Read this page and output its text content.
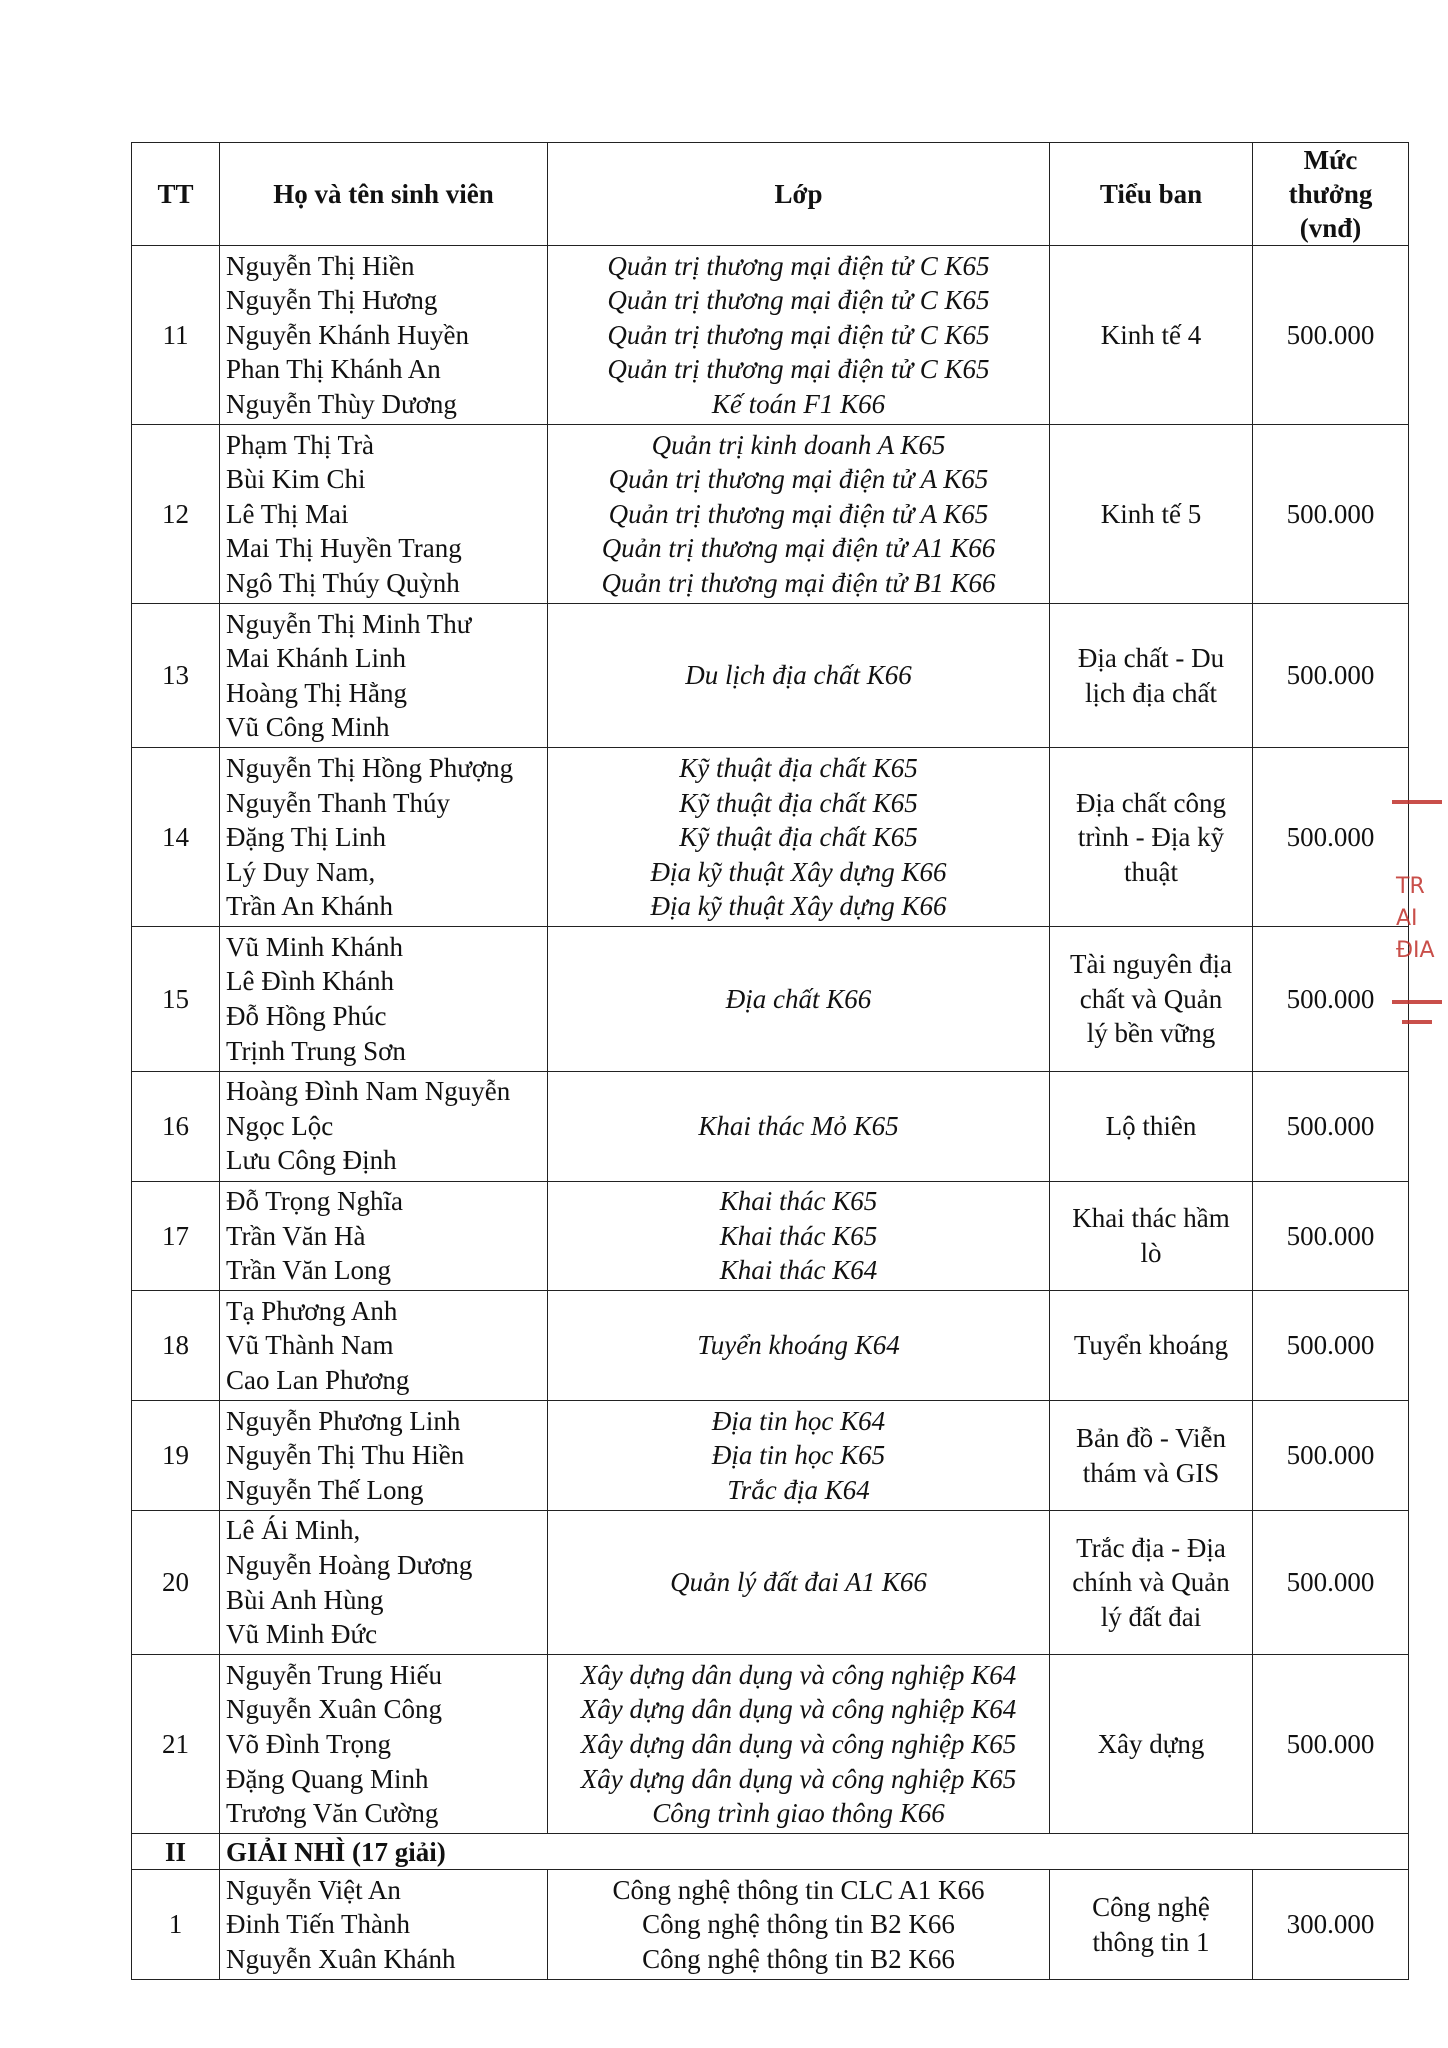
TT	Họ và tên sinh viên	Lớp	Tiểu ban	Mức
thưởng
(vnđ)

11	Nguyễn Thị Hiền
Nguyễn Thị Hương
Nguyễn Khánh Huyền
Phan Thị Khánh An
Nguyễn Thùy Dương	Quản trị thương mại điện tử C K65
Quản trị thương mại điện tử C K65
Quản trị thương mại điện tử C K65
Quản trị thương mại điện tử C K65
Kế toán F1 K66	Kinh tế 4	500.000
12	Phạm Thị Trà
Bùi Kim Chi
Lê Thị Mai
Mai Thị Huyền Trang
Ngô Thị Thúy Quỳnh	Quản trị kinh doanh A K65
Quản trị thương mại điện tử A K65
Quản trị thương mại điện tử A K65
Quản trị thương mại điện tử A1 K66
Quản trị thương mại điện tử B1 K66	Kinh tế 5	500.000
13	Nguyễn Thị Minh Thư
Mai Khánh Linh
Hoàng Thị Hằng
Vũ Công Minh	Du lịch địa chất K66	Địa chất - Du
lịch địa chất	500.000
14	Nguyễn Thị Hồng Phượng
Nguyễn Thanh Thúy
Đặng Thị Linh
Lý Duy Nam,
Trần An Khánh	Kỹ thuật địa chất K65
Kỹ thuật địa chất K65
Kỹ thuật địa chất K65
Địa kỹ thuật Xây dựng K66
Địa kỹ thuật Xây dựng K66	Địa chất công
trình - Địa kỹ
thuật	500.000
15	Vũ Minh Khánh
Lê Đình Khánh
Đỗ Hồng Phúc
Trịnh Trung Sơn	Địa chất K66	Tài nguyên địa
chất và Quản
lý bền vững	500.000
16	Hoàng Đình Nam Nguyễn
Ngọc Lộc
Lưu Công Định	Khai thác Mỏ K65	Lộ thiên	500.000
17	Đỗ Trọng Nghĩa
Trần Văn Hà
Trần Văn Long	Khai thác K65
Khai thác K65
Khai thác K64	Khai thác hầm
lò	500.000
18	Tạ Phương Anh
Vũ Thành Nam
Cao Lan Phương	Tuyển khoáng K64	Tuyển khoáng	500.000
19	Nguyễn Phương Linh
Nguyễn Thị Thu Hiền
Nguyễn Thế Long	Địa tin học K64
Địa tin học K65
Trắc địa K64	Bản đồ - Viễn
thám và GIS	500.000
20	Lê Ái Minh,
Nguyễn Hoàng Dương
Bùi Anh Hùng
Vũ Minh Đức	Quản lý đất đai A1 K66	Trắc địa - Địa
chính và Quản
lý đất đai	500.000
21	Nguyễn Trung Hiếu
Nguyễn Xuân Công
Võ Đình Trọng
Đặng Quang Minh
Trương Văn Cường	Xây dựng dân dụng và công nghiệp K64
Xây dựng dân dụng và công nghiệp K64
Xây dựng dân dụng và công nghiệp K65
Xây dựng dân dụng và công nghiệp K65
Công trình giao thông K66	Xây dựng	500.000
II	GIẢI NHÌ (17 giải)			
1	Nguyễn Việt An
Đinh Tiến Thành
Nguyễn Xuân Khánh	Công nghệ thông tin CLC A1 K66
Công nghệ thông tin B2 K66
Công nghệ thông tin B2 K66	Công nghệ
thông tin 1	300.000
TR
AI
ĐIA
